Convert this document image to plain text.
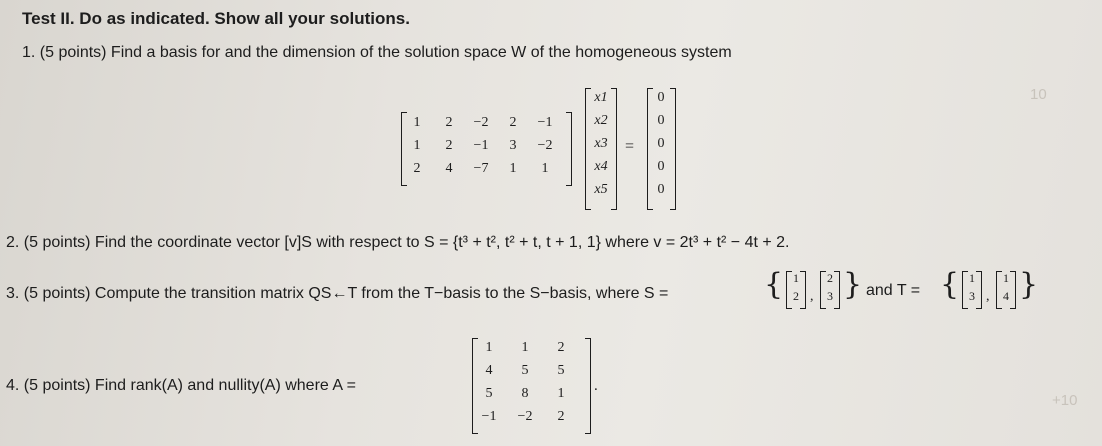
Test II. Do as indicated. Show all your solutions.
1. (5 points) Find a basis for and the dimension of the solution space W of the homogeneous system
1	2	−2	2	−1
1	2	−1	3	−2
2	4	−7	1	1
x1
x2
x3
x4
x5
=
0
0
0
0
0
2. (5 points) Find the coordinate vector [v]S with respect to S = {t³ + t², t² + t, t + 1, 1} where v = 2t³ + t² − 4t + 2.
3. (5 points) Compute the transition matrix QS←T from the T−basis to the S−basis, where S =	{ 1
2 ,
2
3 } and T = { 1
3 ,
1
4 }
4. (5 points) Find rank(A) and nullity(A) where A =
1	1	2
4	5	5
5	8	1
−1	−2	2
.
10
+10
